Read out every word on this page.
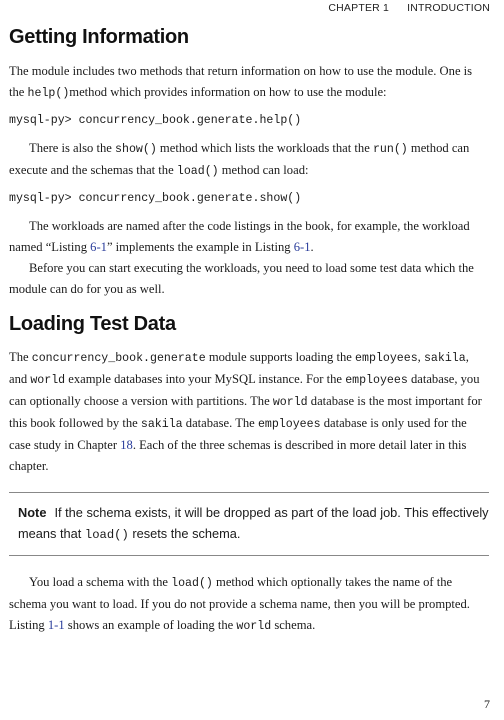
CHAPTER 1 INTRODUCTION
Getting Information

The module includes two methods that return information on how to use the module. One is the help()method which provides information on how to use the module:

mysql-py> concurrency_book.generate.help()

There is also the show() method which lists the workloads that the run() method can execute and the schemas that the load() method can load:

mysql-py> concurrency_book.generate.show()

The workloads are named after the code listings in the book, for example, the workload named “Listing 6-1” implements the example in Listing 6-1.

Before you can start executing the workloads, you need to load some test data which the module can do for you as well.

Loading Test Data

The concurrency_book.generate module supports loading the employees, sakila, and world example databases into your MySQL instance. For the employees database, you can optionally choose a version with partitions. The world database is the most important for this book followed by the sakila database. The employees database is only used for the case study in Chapter 18. Each of the three schemas is described in more detail later in this chapter.

Note If the schema exists, it will be dropped as part of the load job. This effectively means that load() resets the schema.

You load a schema with the load() method which optionally takes the name of the schema you want to load. If you do not provide a schema name, then you will be prompted. Listing 1-1 shows an example of loading the world schema.

7
